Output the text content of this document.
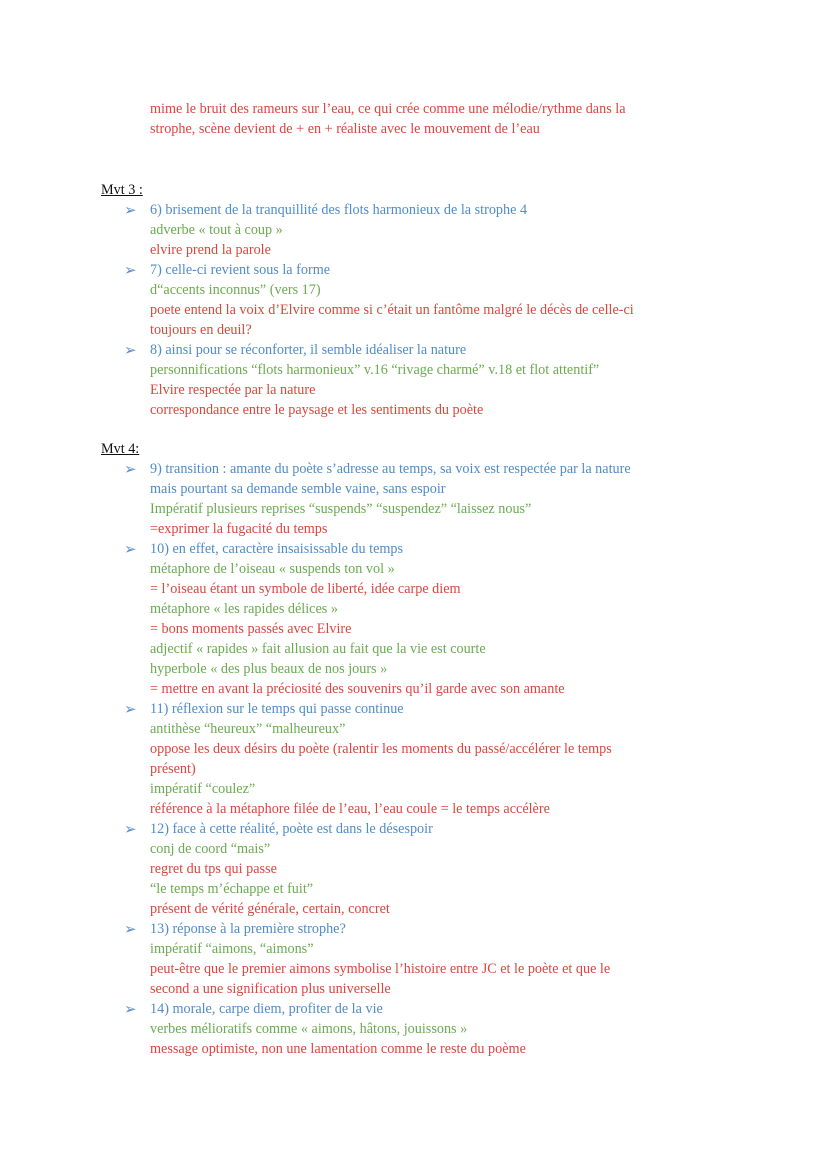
mime le bruit des rameurs sur l’eau, ce qui crée comme une mélodie/rythme dans la
strophe, scène devient de + en + réaliste avec le mouvement de l’eau

Mvt 3 :

➢ 6) brisement de la tranquillité des flots harmonieux de la strophe 4
adverbe « tout à coup »
elvire prend la parole
➢ 7) celle-ci revient sous la forme
d“accents inconnus” (vers 17)
poete entend la voix d’Elvire comme si c’était un fantôme malgré le décès de celle-ci
toujours en deuil?
➢ 8) ainsi pour se réconforter, il semble idéaliser la nature
personnifications “flots harmonieux” v.16 “rivage charmé” v.18 et flot attentif”
Elvire respectée par la nature
correspondance entre le paysage et les sentiments du poète

Mvt 4:

➢ 9) transition : amante du poète s’adresse au temps, sa voix est respectée par la nature
mais pourtant sa demande semble vaine, sans espoir
Impératif plusieurs reprises “suspends” “suspendez” “laissez nous”
=exprimer la fugacité du temps
➢ 10) en effet, caractère insaisissable du temps
métaphore de l’oiseau « suspends ton vol »
= l’oiseau étant un symbole de liberté, idée carpe diem
métaphore « les rapides délices »
= bons moments passés avec Elvire
adjectif « rapides » fait allusion au fait que la vie est courte
hyperbole « des plus beaux de nos jours »
= mettre en avant la préciosité des souvenirs qu’il garde avec son amante
➢ 11) réflexion sur le temps qui passe continue
antithèse “heureux” “malheureux”
oppose les deux désirs du poète (ralentir les moments du passé/accélérer le temps
présent)
impératif “coulez”
référence à la métaphore filée de l’eau, l’eau coule = le temps accélère
➢ 12) face à cette réalité, poète est dans le désespoir
conj de coord “mais”
regret du tps qui passe
“le temps m’échappe et fuit”
présent de vérité générale, certain, concret
➢ 13) réponse à la première strophe?
impératif “aimons, “aimons”
peut-être que le premier aimons symbolise l’histoire entre JC et le poète et que le
second a une signification plus universelle
➢ 14) morale, carpe diem, profiter de la vie
verbes mélioratifs comme « aimons, hâtons, jouissons »
message optimiste, non une lamentation comme le reste du poème
